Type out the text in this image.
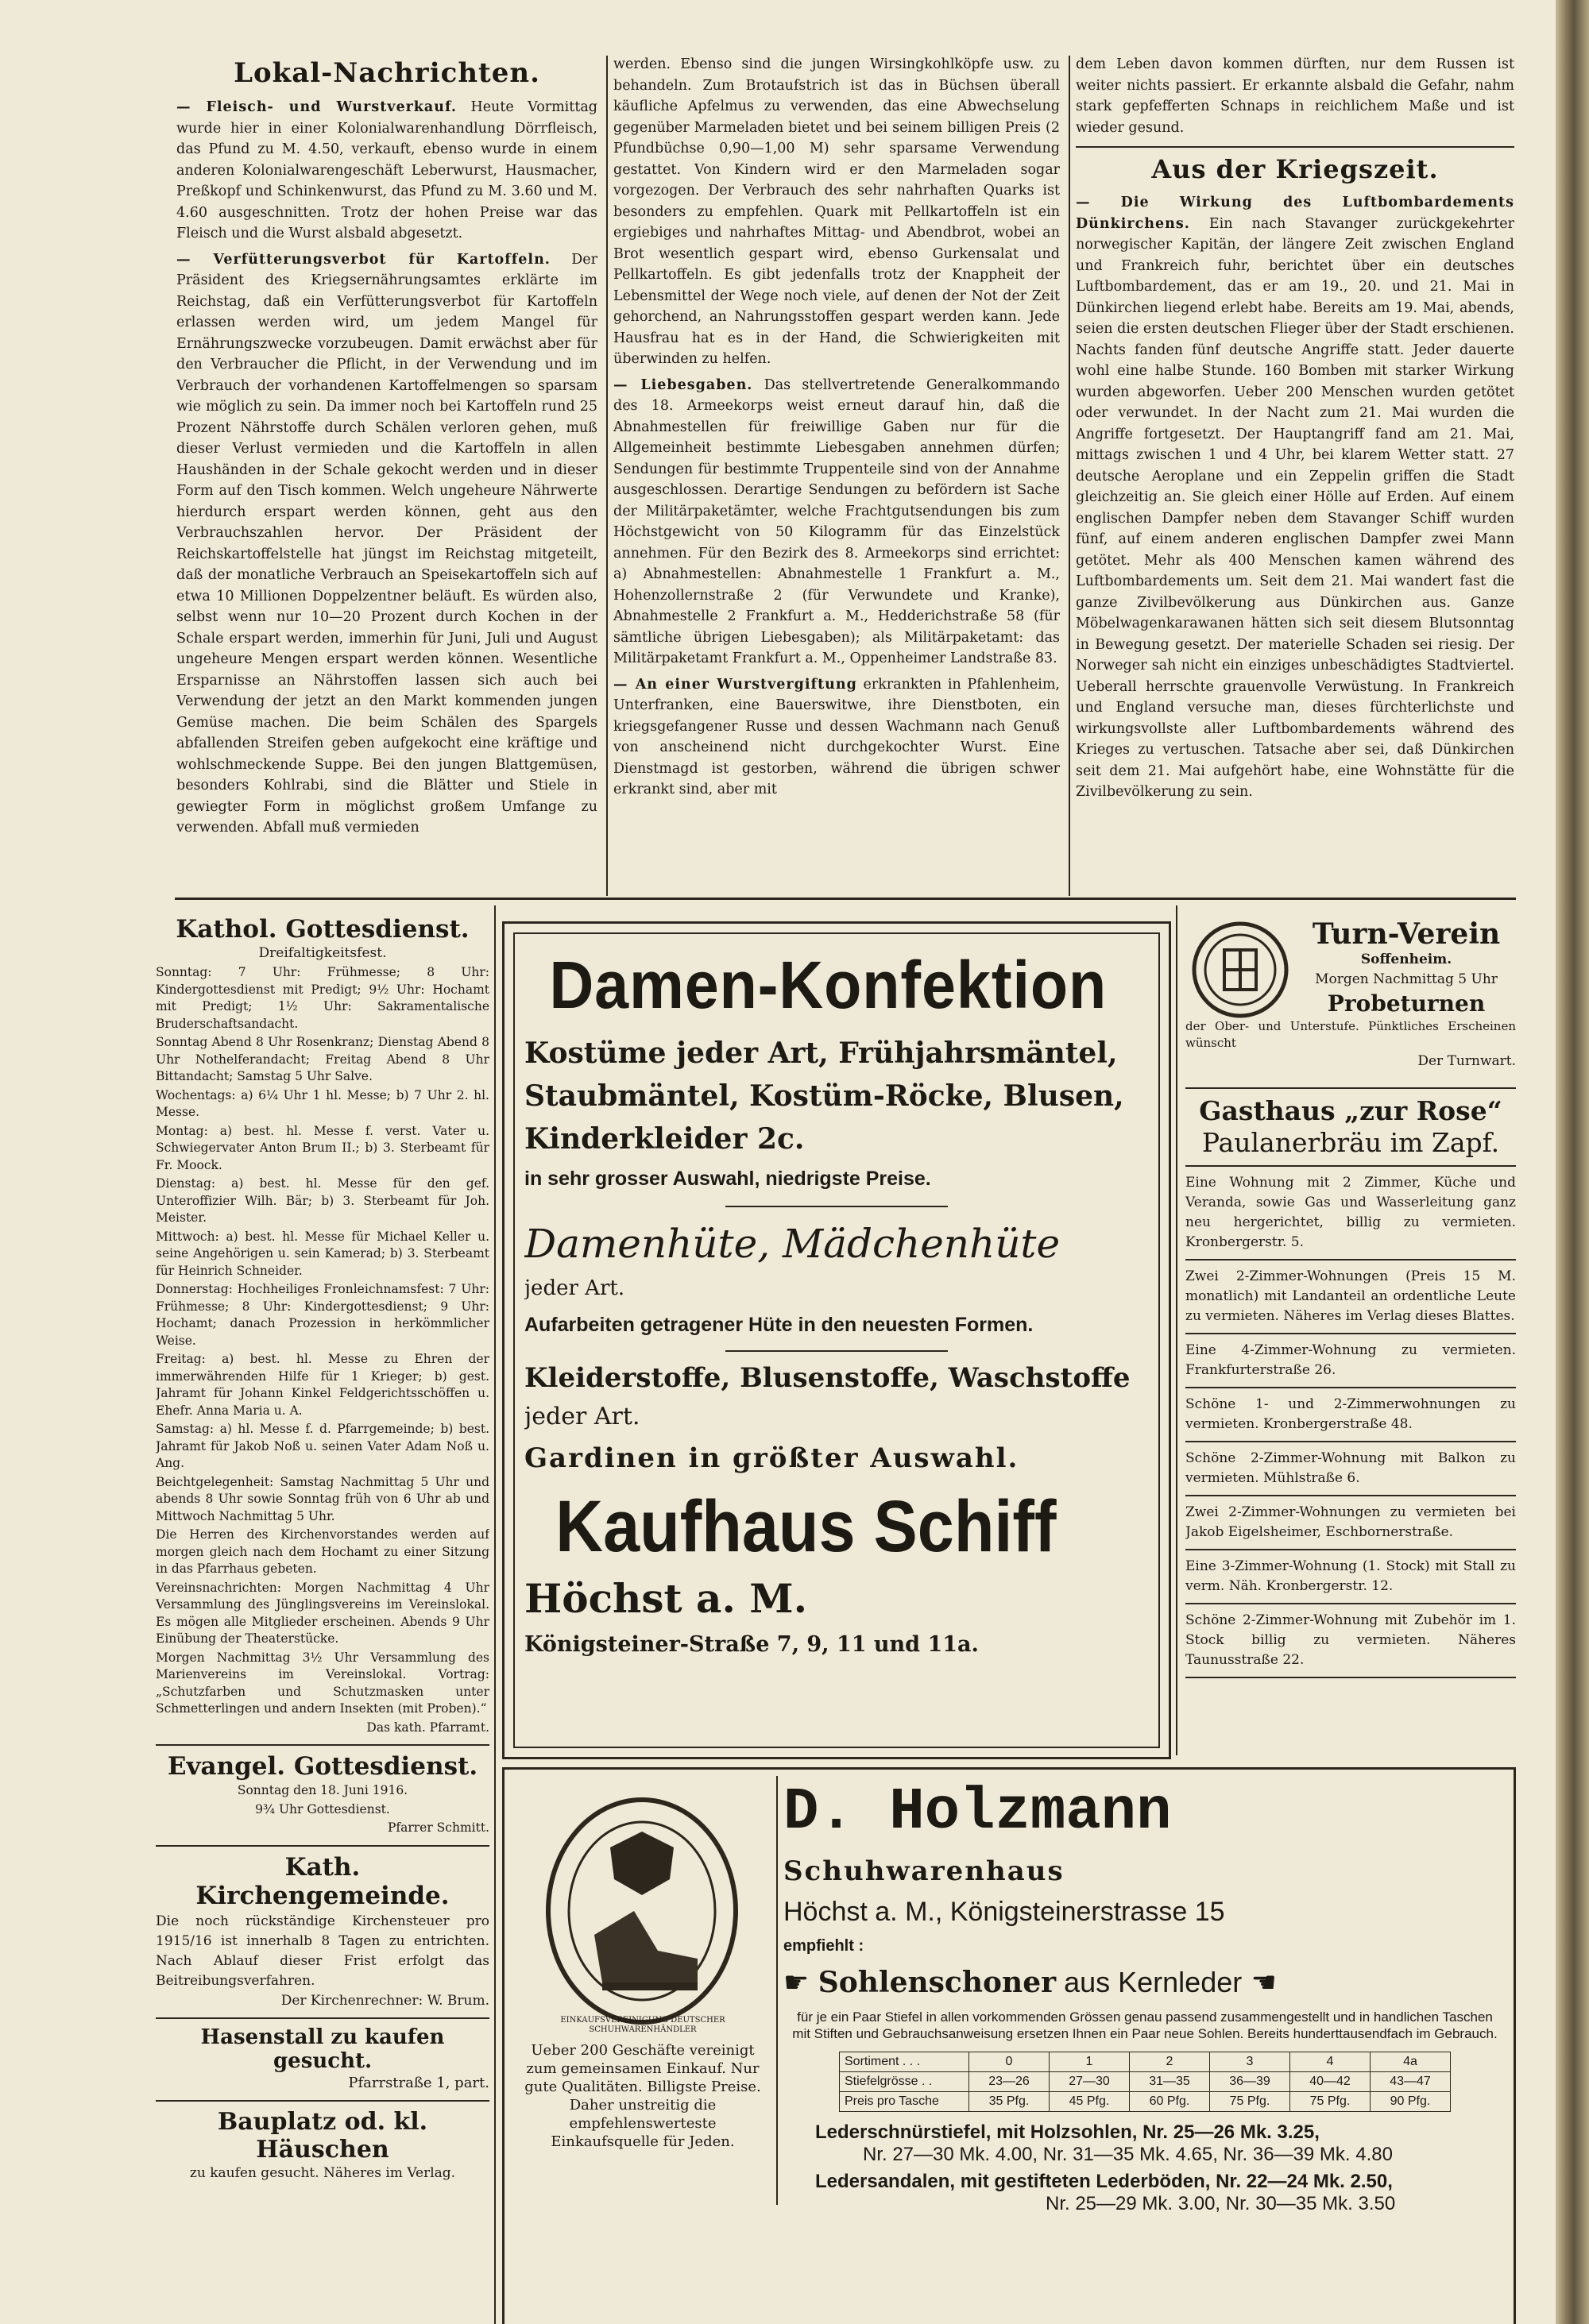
Lokal-Nachrichten.

— Fleisch- und Wurstverkauf. Heute Vormittag wurde hier in einer Kolonialwarenhandlung Dörrfleisch, das Pfund zu M. 4.50, verkauft, ebenso wurde in einem anderen Kolonialwarengeschäft Leberwurst, Hausmacher, Preßkopf und Schinkenwurst, das Pfund zu M. 3.60 und M. 4.60 ausgeschnitten. Trotz der hohen Preise war das Fleisch und die Wurst alsbald abgesetzt.

— Verfütterungsverbot für Kartoffeln. Der Präsident des Kriegsernährungsamtes erklärte im Reichstag, daß ein Verfütterungsverbot für Kartoffeln erlassen werden wird, um jedem Mangel für Ernährungszwecke vorzubeugen. Damit erwächst aber für den Verbraucher die Pflicht, in der Verwendung und im Verbrauch der vorhandenen Kartoffelmengen so sparsam wie möglich zu sein. Da immer noch bei Kartoffeln rund 25 Prozent Nährstoffe durch Schälen verloren gehen, muß dieser Verlust vermieden und die Kartoffeln in allen Haushänden in der Schale gekocht werden und in dieser Form auf den Tisch kommen. Welch ungeheure Nährwerte hierdurch erspart werden können, geht aus den Verbrauchszahlen hervor. Der Präsident der Reichskartoffelstelle hat jüngst im Reichstag mitgeteilt, daß der monatliche Verbrauch an Speisekartoffeln sich auf etwa 10 Millionen Doppelzentner beläuft. Es würden also, selbst wenn nur 10—20 Prozent durch Kochen in der Schale erspart werden, immerhin für Juni, Juli und August ungeheure Mengen erspart werden können. Wesentliche Ersparnisse an Nährstoffen lassen sich auch bei Verwendung der jetzt an den Markt kommenden jungen Gemüse machen. Die beim Schälen des Spargels abfallenden Streifen geben aufgekocht eine kräftige und wohlschmeckende Suppe. Bei den jungen Blattgemüsen, besonders Kohlrabi, sind die Blätter und Stiele in gewiegter Form in möglichst großem Umfange zu verwenden. Abfall muß vermieden

werden. Ebenso sind die jungen Wirsingkohlköpfe usw. zu behandeln. Zum Brotaufstrich ist das in Büchsen überall käufliche Apfelmus zu verwenden, das eine Abwechselung gegenüber Marmeladen bietet und bei seinem billigen Preis (2 Pfundbüchse 0,90—1,00 M) sehr sparsame Verwendung gestattet. Von Kindern wird er den Marmeladen sogar vorgezogen. Der Verbrauch des sehr nahrhaften Quarks ist besonders zu empfehlen. Quark mit Pellkartoffeln ist ein ergiebiges und nahrhaftes Mittag- und Abendbrot, wobei an Brot wesentlich gespart wird, ebenso Gurkensalat und Pellkartoffeln. Es gibt jedenfalls trotz der Knappheit der Lebensmittel der Wege noch viele, auf denen der Not der Zeit gehorchend, an Nahrungsstoffen gespart werden kann. Jede Hausfrau hat es in der Hand, die Schwierigkeiten mit überwinden zu helfen.

— Liebesgaben. Das stellvertretende Generalkommando des 18. Armeekorps weist erneut darauf hin, daß die Abnahmestellen für freiwillige Gaben nur für die Allgemeinheit bestimmte Liebesgaben annehmen dürfen; Sendungen für bestimmte Truppenteile sind von der Annahme ausgeschlossen. Derartige Sendungen zu befördern ist Sache der Militärpaketämter, welche Frachtgutsendungen bis zum Höchstgewicht von 50 Kilogramm für das Einzelstück annehmen. Für den Bezirk des 8. Armeekorps sind errichtet: a) Abnahmestellen: Abnahmestelle 1 Frankfurt a. M., Hohenzollernstraße 2 (für Verwundete und Kranke), Abnahmestelle 2 Frankfurt a. M., Hedderichstraße 58 (für sämtliche übrigen Liebesgaben); als Militärpaketamt: das Militärpaketamt Frankfurt a. M., Oppenheimer Landstraße 83.

— An einer Wurstvergiftung erkrankten in Pfahlenheim, Unterfranken, eine Bauerswitwe, ihre Dienstboten, ein kriegsgefangener Russe und dessen Wachmann nach Genuß von anscheinend nicht durchgekochter Wurst. Eine Dienstmagd ist gestorben, während die übrigen schwer erkrankt sind, aber mit

dem Leben davon kommen dürften, nur dem Russen ist weiter nichts passiert. Er erkannte alsbald die Gefahr, nahm stark gepfefferten Schnaps in reichlichem Maße und ist wieder gesund.

Aus der Kriegszeit.

— Die Wirkung des Luftbombardements Dünkirchens. Ein nach Stavanger zurückgekehrter norwegischer Kapitän, der längere Zeit zwischen England und Frankreich fuhr, berichtet über ein deutsches Luftbombardement, das er am 19., 20. und 21. Mai in Dünkirchen liegend erlebt habe. Bereits am 19. Mai, abends, seien die ersten deutschen Flieger über der Stadt erschienen. Nachts fanden fünf deutsche Angriffe statt. Jeder dauerte wohl eine halbe Stunde. 160 Bomben mit starker Wirkung wurden abgeworfen. Ueber 200 Menschen wurden getötet oder verwundet. In der Nacht zum 21. Mai wurden die Angriffe fortgesetzt. Der Hauptangriff fand am 21. Mai, mittags zwischen 1 und 4 Uhr, bei klarem Wetter statt. 27 deutsche Aeroplane und ein Zeppelin griffen die Stadt gleichzeitig an. Sie gleich einer Hölle auf Erden. Auf einem englischen Dampfer neben dem Stavanger Schiff wurden fünf, auf einem anderen englischen Dampfer zwei Mann getötet. Mehr als 400 Menschen kamen während des Luftbombardements um. Seit dem 21. Mai wandert fast die ganze Zivilbevölkerung aus Dünkirchen aus. Ganze Möbelwagenkarawanen hätten sich seit diesem Blutsonntag in Bewegung gesetzt. Der materielle Schaden sei riesig. Der Norweger sah nicht ein einziges unbeschädigtes Stadtviertel. Ueberall herrschte grauenvolle Verwüstung. In Frankreich und England versuche man, dieses fürchterlichste und wirkungsvollste aller Luftbombardements während des Krieges zu vertuschen. Tatsache aber sei, daß Dünkirchen seit dem 21. Mai aufgehört habe, eine Wohnstätte für die Zivilbevölkerung zu sein.

Kathol. Gottesdienst.
Dreifaltigkeitsfest.

Sonntag: 7 Uhr: Frühmesse; 8 Uhr: Kindergottesdienst mit Predigt; 9½ Uhr: Hochamt mit Predigt; 1½ Uhr: Sakramentalische Bruderschaftsandacht.

Sonntag Abend 8 Uhr Rosenkranz; Dienstag Abend 8 Uhr Nothelferandacht; Freitag Abend 8 Uhr Bittandacht; Samstag 5 Uhr Salve.

Wochentags: a) 6¼ Uhr 1 hl. Messe; b) 7 Uhr 2. hl. Messe.

Montag: a) best. hl. Messe f. verst. Vater u. Schwiegervater Anton Brum II.; b) 3. Sterbeamt für Fr. Moock.

Dienstag: a) best. hl. Messe für den gef. Unteroffizier Wilh. Bär; b) 3. Sterbeamt für Joh. Meister.

Mittwoch: a) best. hl. Messe für Michael Keller u. seine Angehörigen u. sein Kamerad; b) 3. Sterbeamt für Heinrich Schneider.

Donnerstag: Hochheiliges Fronleichnamsfest: 7 Uhr: Frühmesse; 8 Uhr: Kindergottesdienst; 9 Uhr: Hochamt; danach Prozession in herkömmlicher Weise.

Freitag: a) best. hl. Messe zu Ehren der immerwährenden Hilfe für 1 Krieger; b) gest. Jahramt für Johann Kinkel Feldgerichtsschöffen u. Ehefr. Anna Maria u. A.

Samstag: a) hl. Messe f. d. Pfarrgemeinde; b) best. Jahramt für Jakob Noß u. seinen Vater Adam Noß u. Ang.

Beichtgelegenheit: Samstag Nachmittag 5 Uhr und abends 8 Uhr sowie Sonntag früh von 6 Uhr ab und Mittwoch Nachmittag 5 Uhr.

Die Herren des Kirchenvorstandes werden auf morgen gleich nach dem Hochamt zu einer Sitzung in das Pfarrhaus gebeten.

Vereinsnachrichten: Morgen Nachmittag 4 Uhr Versammlung des Jünglingsvereins im Vereinslokal. Es mögen alle Mitglieder erscheinen. Abends 9 Uhr Einübung der Theaterstücke.

Morgen Nachmittag 3½ Uhr Versammlung des Marienvereins im Vereinslokal. Vortrag: „Schutzfarben und Schutzmasken unter Schmetterlingen und andern Insekten (mit Proben).“

Das kath. Pfarramt.

Evangel. Gottesdienst.

Sonntag den 18. Juni 1916.

9¾ Uhr Gottesdienst.

Pfarrer Schmitt.

Kath. Kirchengemeinde.

Die noch rückständige Kirchensteuer pro 1915/16 ist innerhalb 8 Tagen zu entrichten. Nach Ablauf dieser Frist erfolgt das Beitreibungsverfahren.

Der Kirchenrechner: W. Brum.

Hasenstall zu kaufen gesucht.

Pfarrstraße 1, part.

Bauplatz od. kl. Häuschen

zu kaufen gesucht. Näheres im Verlag.

Damen-Konfektion

Kostüme jeder Art, Frühjahrsmäntel,

Staubmäntel, Kostüm-Röcke, Blusen,

Kinderkleider 2c.

in sehr grosser Auswahl, niedrigste Preise.

Damenhüte, Mädchenhüte

jeder Art.

Aufarbeiten getragener Hüte in den neuesten Formen.

Kleiderstoffe, Blusenstoffe, Waschstoffe

jeder Art.

Gardinen in größter Auswahl.

Kaufhaus Schiff

Höchst a. M.

Königsteiner-Straße 7, 9, 11 und 11a.

Turn-Verein

Soffenheim.

Morgen Nachmittag 5 Uhr

Probeturnen

der Ober- und Unterstufe. Pünktliches Erscheinen wünscht

Der Turnwart.

Gasthaus „zur Rose“

Paulanerbräu im Zapf.

Eine Wohnung mit 2 Zimmer, Küche und Veranda, sowie Gas und Wasserleitung ganz neu hergerichtet, billig zu vermieten. Kronbergerstr. 5.

Zwei 2-Zimmer-Wohnungen (Preis 15 M. monatlich) mit Landanteil an ordentliche Leute zu vermieten. Näheres im Verlag dieses Blattes.

Eine 4-Zimmer-Wohnung zu vermieten. Frankfurterstraße 26.

Schöne 1- und 2-Zimmerwohnungen zu vermieten. Kronbergerstraße 48.

Schöne 2-Zimmer-Wohnung mit Balkon zu vermieten. Mühlstraße 6.

Zwei 2-Zimmer-Wohnungen zu vermieten bei Jakob Eigelsheimer, Eschbornerstraße.

Eine 3-Zimmer-Wohnung (1. Stock) mit Stall zu verm. Näh. Kronbergerstr. 12.

Schöne 2-Zimmer-Wohnung mit Zubehör im 1. Stock billig zu vermieten. Näheres Taunusstraße 22.

Ueber 200 Geschäfte vereinigt zum gemeinsamen Einkauf. Nur gute Qualitäten. Billigste Preise. Daher unstreitig die empfehlenswerteste Einkaufsquelle für Jeden.

EINKAUFSVEREINIGUNG DEUTSCHER SCHUHWARENHÄNDLER

D. Holzmann

Schuhwarenhaus

Höchst a. M., Königsteinerstrasse 15

empfiehlt :

☛ Sohlenschoner aus Kernleder ☚

für je ein Paar Stiefel in allen vorkommenden Grössen genau passend zusammengestellt und in handlichen Taschen mit Stiften und Gebrauchsanweisung ersetzen Ihnen ein Paar neue Sohlen. Bereits hunderttausendfach im Gebrauch.

Sortiment . . .	0	1	2	3	4	4a
Stiefelgrösse . .	23—26	27—30	31—35	36—39	40—42	43—47
Preis pro Tasche	35 Pfg.	45 Pfg.	60 Pfg.	75 Pfg.	75 Pfg.	90 Pfg.

Lederschnürstiefel, mit Holzsohlen, Nr. 25—26 Mk. 3.25,

Nr. 27—30 Mk. 4.00, Nr. 31—35 Mk. 4.65, Nr. 36—39 Mk. 4.80

Ledersandalen, mit gestifteten Lederböden, Nr. 22—24 Mk. 2.50,

Nr. 25—29 Mk. 3.00, Nr. 30—35 Mk. 3.50
